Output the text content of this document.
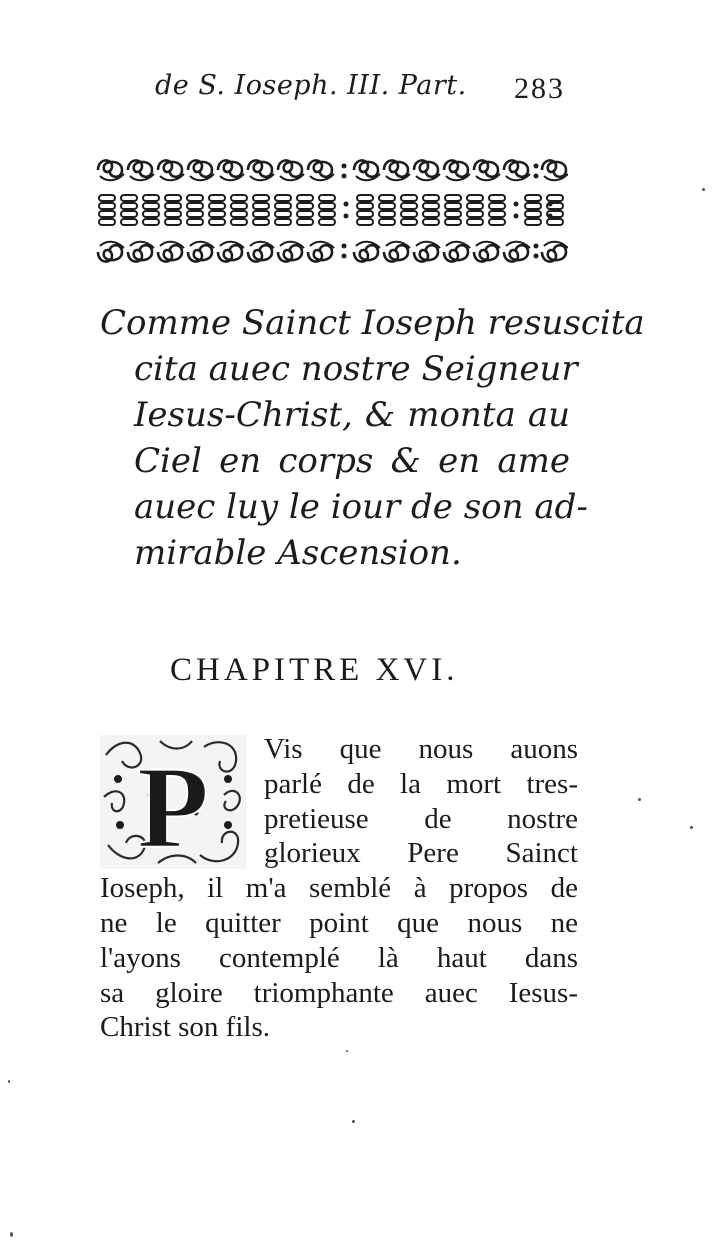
de S. Ioseph. III. Part. 283
Comme Sainct Ioseph resuscita
cita auec nostre Seigneur
Iesus-Christ, & monta au
Ciel en corps & en ame
auec luy le iour de son ad-
mirable Ascension.
CHAPITRE XVI.
P	Vis que nous auons
parlé de la mort tres-
pretieuse de nostre
glorieux Pere Sainct
Ioseph, il m'a semblé à propos de
ne le quitter point que nous ne
l'ayons contemplé là haut dans
sa gloire triomphante auec Iesus-
Christ son fils.
